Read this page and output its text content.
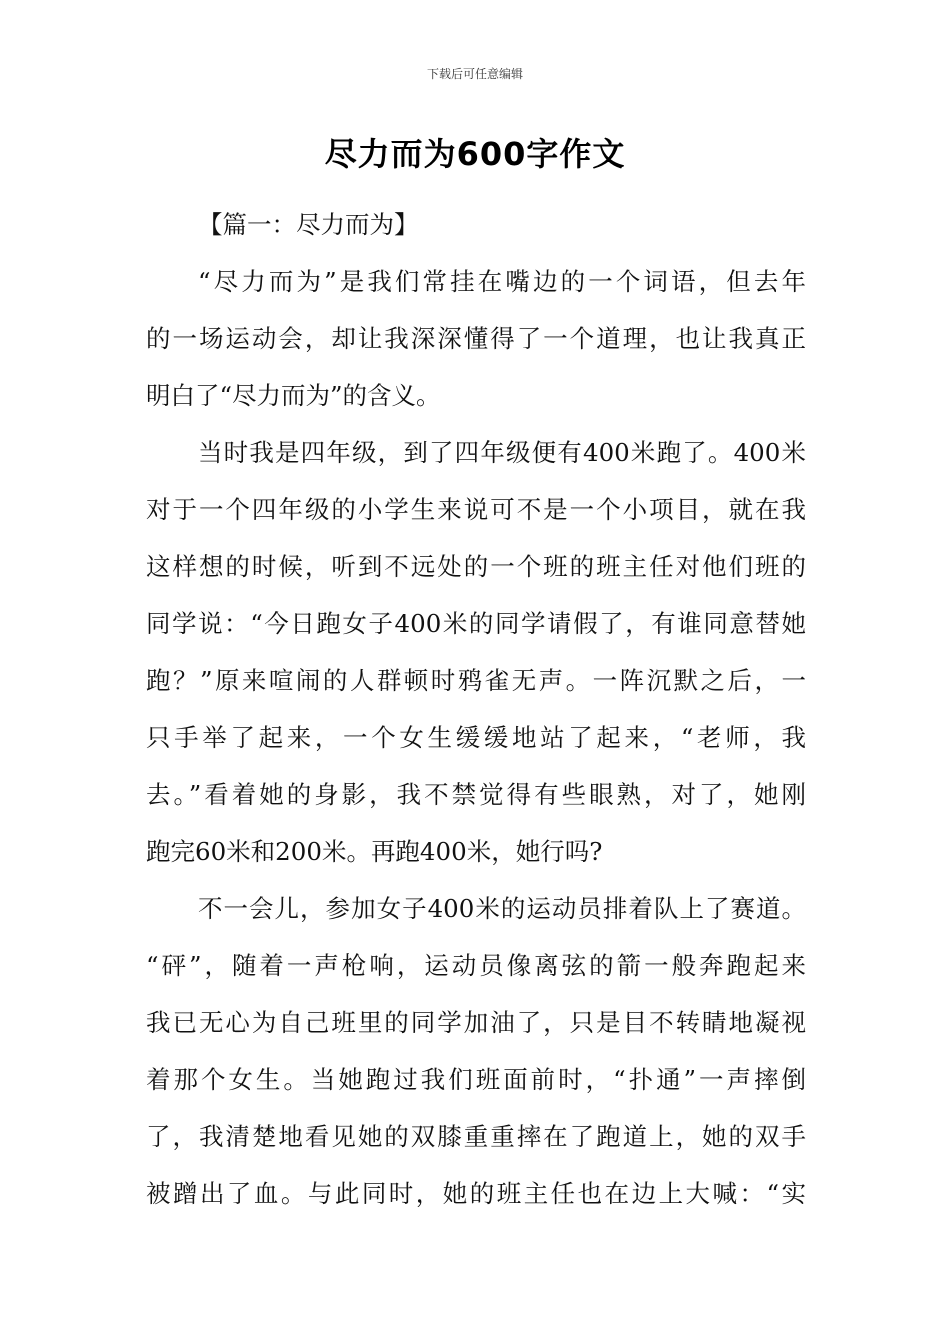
下载后可任意编辑
尽力而为600字作文
【篇一：尽力而为】
“尽力而为”是我们常挂在嘴边的一个词语，但去年
的一场运动会，却让我深深懂得了一个道理，也让我真正
明白了“尽力而为”的含义。
当时我是四年级，到了四年级便有400米跑了。400米
对于一个四年级的小学生来说可不是一个小项目，就在我
这样想的时候，听到不远处的一个班的班主任对他们班的
同学说：“今日跑女子400米的同学请假了，有谁同意替她
跑？”原来喧闹的人群顿时鸦雀无声。一阵沉默之后，一
只手举了起来，一个女生缓缓地站了起来，“老师，我
去。”看着她的身影，我不禁觉得有些眼熟，对了，她刚
跑完60米和200米。再跑400米，她行吗?
不一会儿，参加女子400米的运动员排着队上了赛道。
“砰”，随着一声枪响，运动员像离弦的箭一般奔跑起来
我已无心为自己班里的同学加油了，只是目不转睛地凝视
着那个女生。当她跑过我们班面前时，“扑通”一声摔倒
了，我清楚地看见她的双膝重重摔在了跑道上，她的双手
被蹭出了血。与此同时，她的班主任也在边上大喊：“实
